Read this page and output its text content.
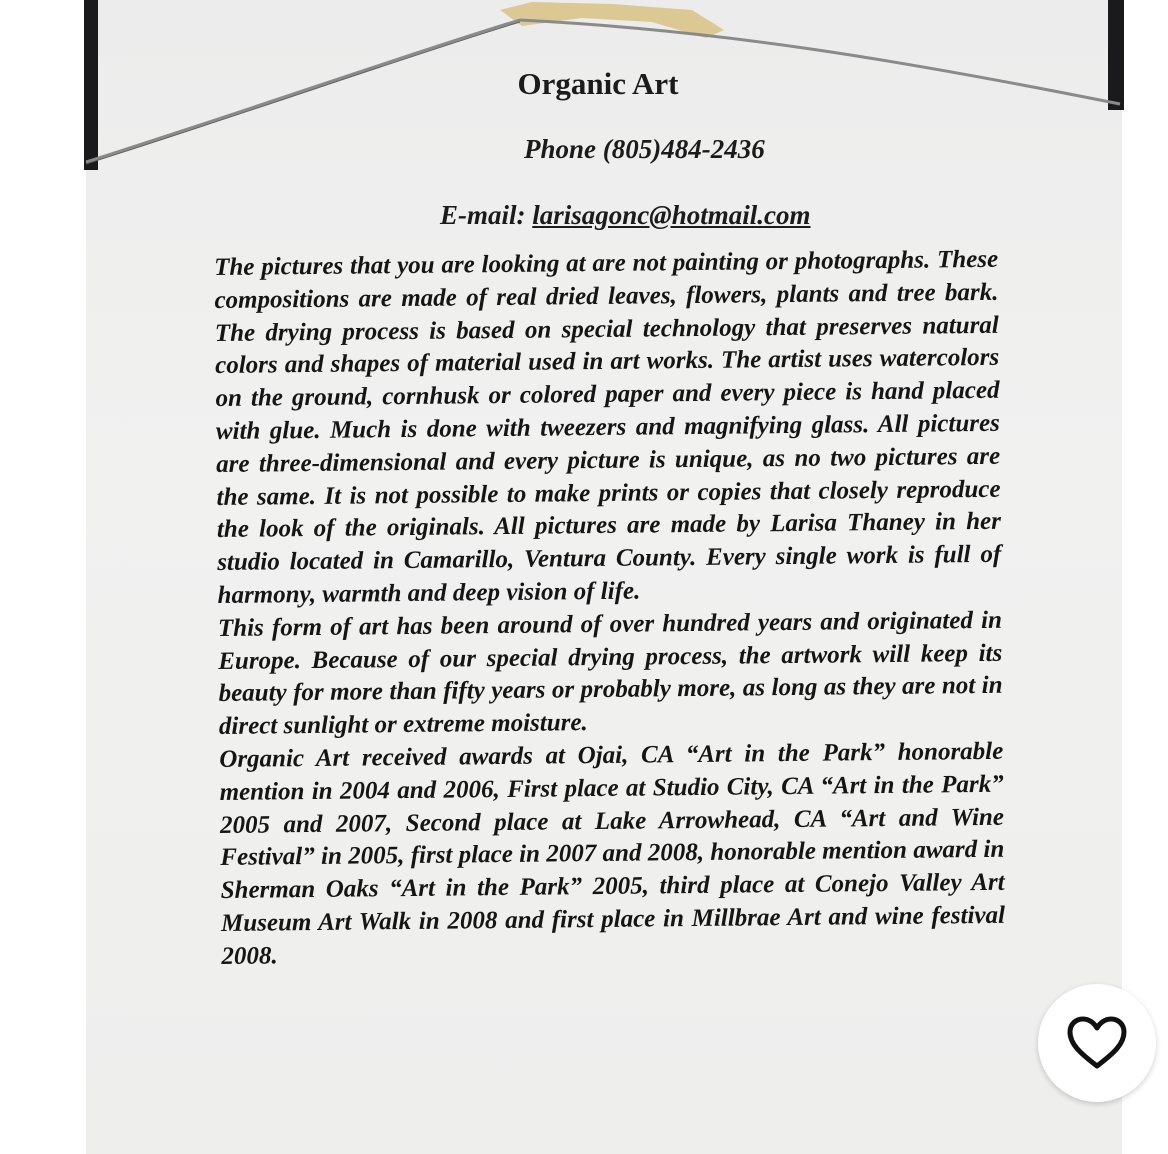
Organic Art
Phone (805)484-2436
E-mail: larisagonc@hotmail.com

The pictures that you are looking at are not painting or photographs. These compositions are made of real dried leaves, flowers, plants and tree bark. The drying process is based on special technology that preserves natural colors and shapes of material used in art works. The artist uses watercolors on the ground, cornhusk or colored paper and every piece is hand placed with glue. Much is done with tweezers and magnifying glass. All pictures are three-dimensional and every picture is unique, as no two pictures are the same. It is not possible to make prints or copies that closely reproduce the look of the originals. All pictures are made by Larisa Thaney in her studio located in Camarillo, Ventura County. Every single work is full of harmony, warmth and deep vision of life.

This form of art has been around of over hundred years and originated in Europe. Because of our special drying process, the artwork will keep its beauty for more than fifty years or probably more, as long as they are not in direct sunlight or extreme moisture.

Organic Art received awards at Ojai, CA “Art in the Park” honorable mention in 2004 and 2006, First place at Studio City, CA “Art in the Park” 2005 and 2007, Second place at Lake Arrowhead, CA “Art and Wine Festival” in 2005, first place in 2007 and 2008, honorable mention award in Sherman Oaks “Art in the Park” 2005, third place at Conejo Valley Art Museum Art Walk in 2008 and first place in Millbrae Art and wine festival 2008.
